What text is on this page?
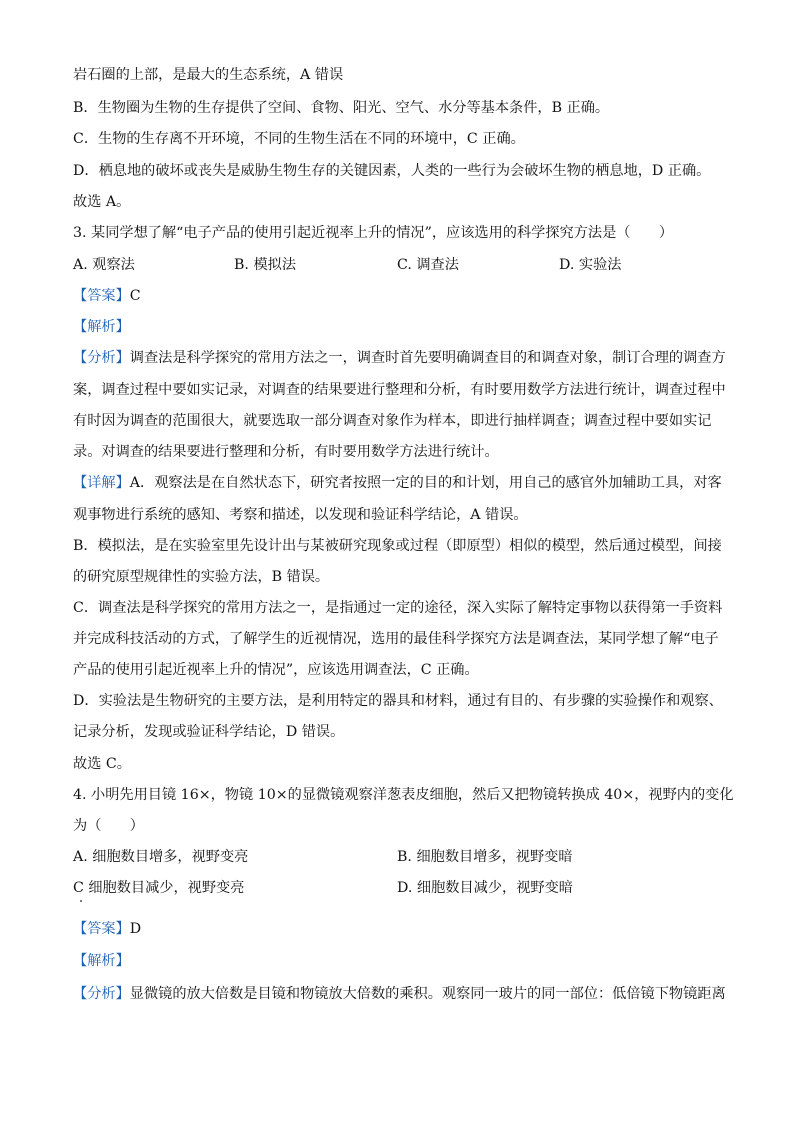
岩石圈的上部，是最大的生态系统，A 错误
B．生物圈为生物的生存提供了空间、食物、阳光、空气、水分等基本条件，B 正确。
C．生物的生存离不开环境，不同的生物生活在不同的环境中，C 正确。
D．栖息地的破坏或丧失是威胁生物生存的关键因素，人类的一些行为会破坏生物的栖息地，D 正确。
故选 A。
3. 某同学想了解“电子产品的使用引起近视率上升的情况”，应该选用的科学探究方法是（　　）
A. 观察法	B. 模拟法	C. 调查法	D. 实验法
【答案】C
【解析】
【分析】调查法是科学探究的常用方法之一，调查时首先要明确调查目的和调查对象，制订合理的调查方
案，调查过程中要如实记录，对调查的结果要进行整理和分析，有时要用数学方法进行统计，调查过程中
有时因为调查的范围很大，就要选取一部分调查对象作为样本，即进行抽样调查；调查过程中要如实记
录。对调查的结果要进行整理和分析，有时要用数学方法进行统计。
【详解】A．观察法是在自然状态下，研究者按照一定的目的和计划，用自己的感官外加辅助工具，对客
观事物进行系统的感知、考察和描述，以发现和验证科学结论，A 错误。
B．模拟法，是在实验室里先设计出与某被研究现象或过程（即原型）相似的模型，然后通过模型，间接
的研究原型规律性的实验方法，B 错误。
C．调查法是科学探究的常用方法之一，是指通过一定的途径，深入实际了解特定事物以获得第一手资料
并完成科技活动的方式，了解学生的近视情况，选用的最佳科学探究方法是调查法，某同学想了解“电子
产品的使用引起近视率上升的情况”，应该选用调查法，C 正确。
D．实验法是生物研究的主要方法，是利用特定的器具和材料，通过有目的、有步骤的实验操作和观察、
记录分析，发现或验证科学结论，D 错误。
故选 C。
4. 小明先用目镜 16×，物镜 10×的显微镜观察洋葱表皮细胞，然后又把物镜转换成 40×，视野内的变化
为（　　）
A. 细胞数目增多，视野变亮	B. 细胞数目增多，视野变暗
C 细胞数目减少，视野变亮	D. 细胞数目减少，视野变暗
【答案】D
【解析】
【分析】显微镜的放大倍数是目镜和物镜放大倍数的乘积。观察同一玻片的同一部位：低倍镜下物镜距离
